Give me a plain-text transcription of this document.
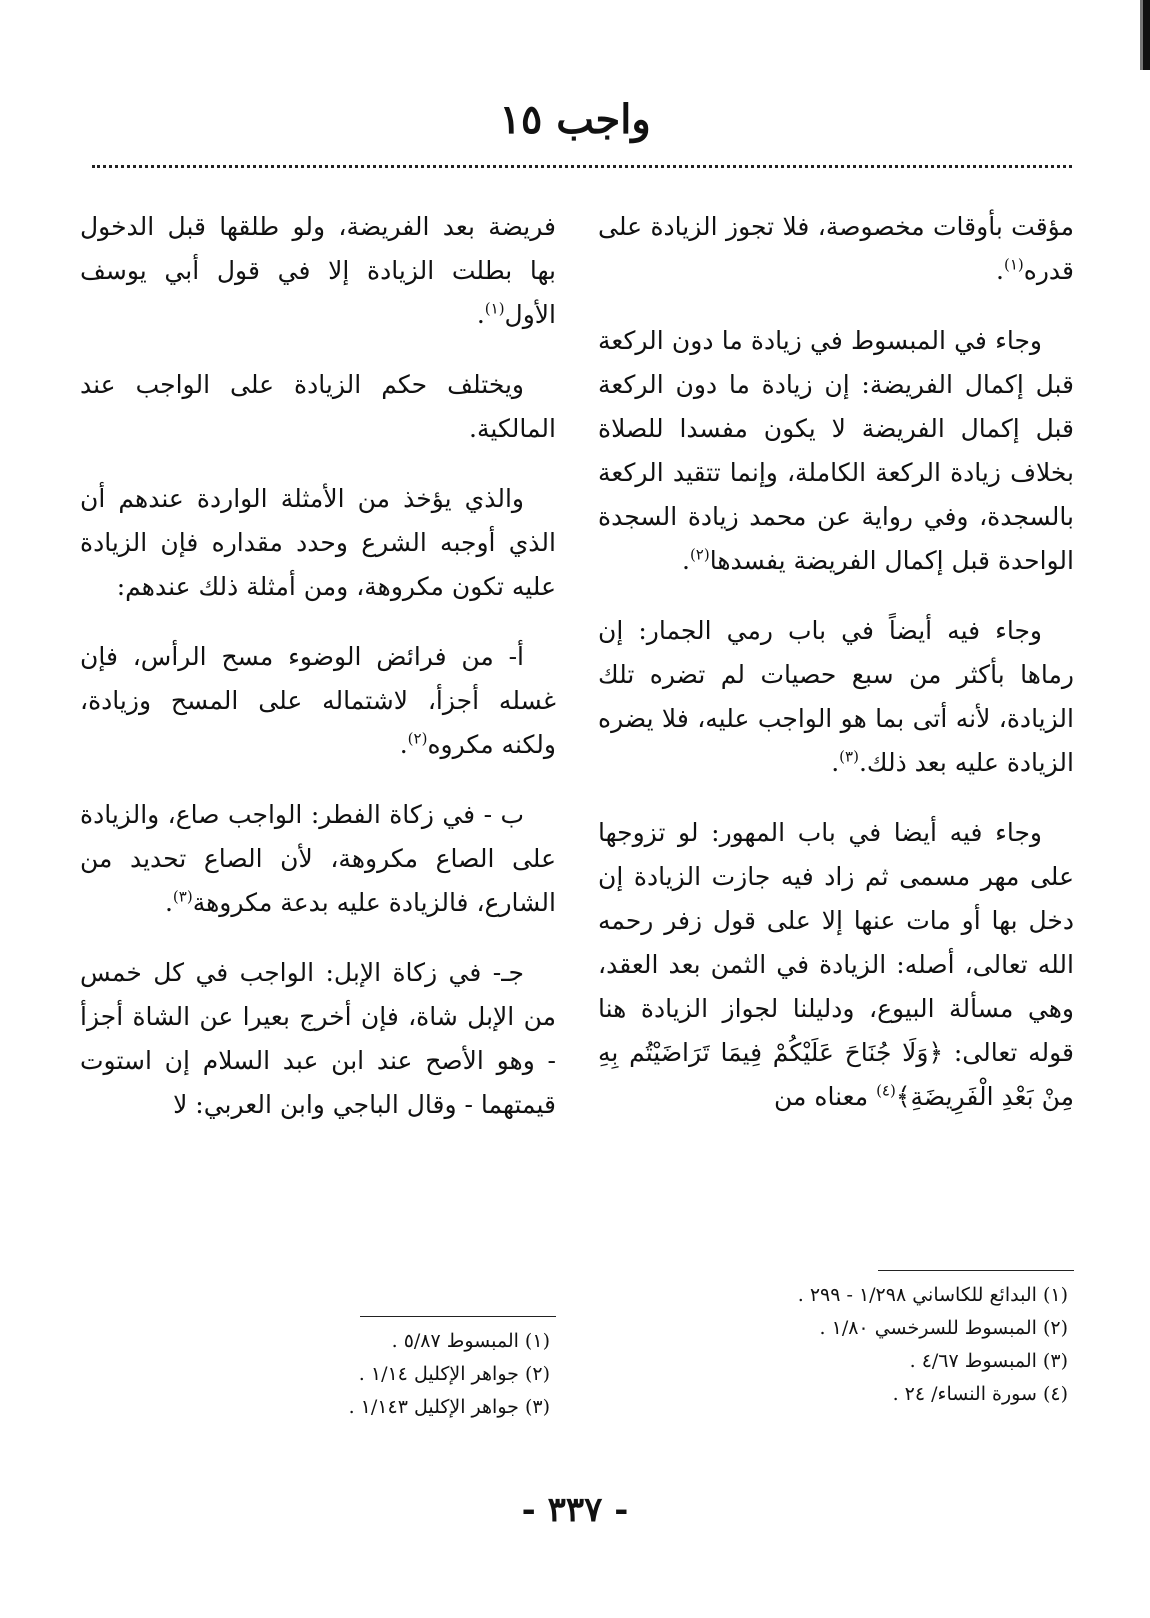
واجب ١٥

مؤقت بأوقات مخصوصة، فلا تجوز الزيادة على قدره$^{(١)}$.

وجاء في المبسوط في زيادة ما دون الركعة قبل إكمال الفريضة: إن زيادة ما دون الركعة قبل إكمال الفريضة لا يكون مفسدا للصلاة بخلاف زيادة الركعة الكاملة، وإنما تتقيد الركعة بالسجدة، وفي رواية عن محمد زيادة السجدة الواحدة قبل إكمال الفريضة يفسدها$^{(٢)}$.

وجاء فيه أيضاً في باب رمي الجمار: إن رماها بأكثر من سبع حصيات لم تضره تلك الزيادة، لأنه أتى بما هو الواجب عليه، فلا يضره الزيادة عليه بعد ذلك.$^{(٣)}$.

وجاء فيه أيضا في باب المهور: لو تزوجها على مهر مسمى ثم زاد فيه جازت الزيادة إن دخل بها أو مات عنها إلا على قول زفر رحمه الله تعالى، أصله: الزيادة في الثمن بعد العقد، وهي مسألة البيوع، ودليلنا لجواز الزيادة هنا قوله تعالى: ﴿وَلَا جُنَاحَ عَلَيْكُمْ فِيمَا تَرَاضَيْتُم بِهِ مِنْ بَعْدِ الْفَرِيضَةِ﴾$^{(٤)}$ معناه من

فريضة بعد الفريضة، ولو طلقها قبل الدخول بها بطلت الزيادة إلا في قول أبي يوسف الأول$^{(١)}$.

ويختلف حكم الزيادة على الواجب عند المالكية.

والذي يؤخذ من الأمثلة الواردة عندهم أن الذي أوجبه الشرع وحدد مقداره فإن الزيادة عليه تكون مكروهة، ومن أمثلة ذلك عندهم:

أ- من فرائض الوضوء مسح الرأس، فإن غسله أجزأ، لاشتماله على المسح وزيادة، ولكنه مكروه$^{(٢)}$.

ب - في زكاة الفطر: الواجب صاع، والزيادة على الصاع مكروهة، لأن الصاع تحديد من الشارع، فالزيادة عليه بدعة مكروهة$^{(٣)}$.

جـ- في زكاة الإبل: الواجب في كل خمس من الإبل شاة، فإن أخرج بعيرا عن الشاة أجزأ - وهو الأصح عند ابن عبد السلام إن استوت قيمتهما - وقال الباجي وابن العربي: لا

(١) البدائع للكاساني ١/٢٩٨ - ٢٩٩ .

(٢) المبسوط للسرخسي ١/٨٠ .

(٣) المبسوط ٤/٦٧ .

(٤) سورة النساء/ ٢٤ .

(١) المبسوط ٥/٨٧ .

(٢) جواهر الإكليل ١/١٤ .

(٣) جواهر الإكليل ١/١٤٣ .

- ٣٣٧ -
